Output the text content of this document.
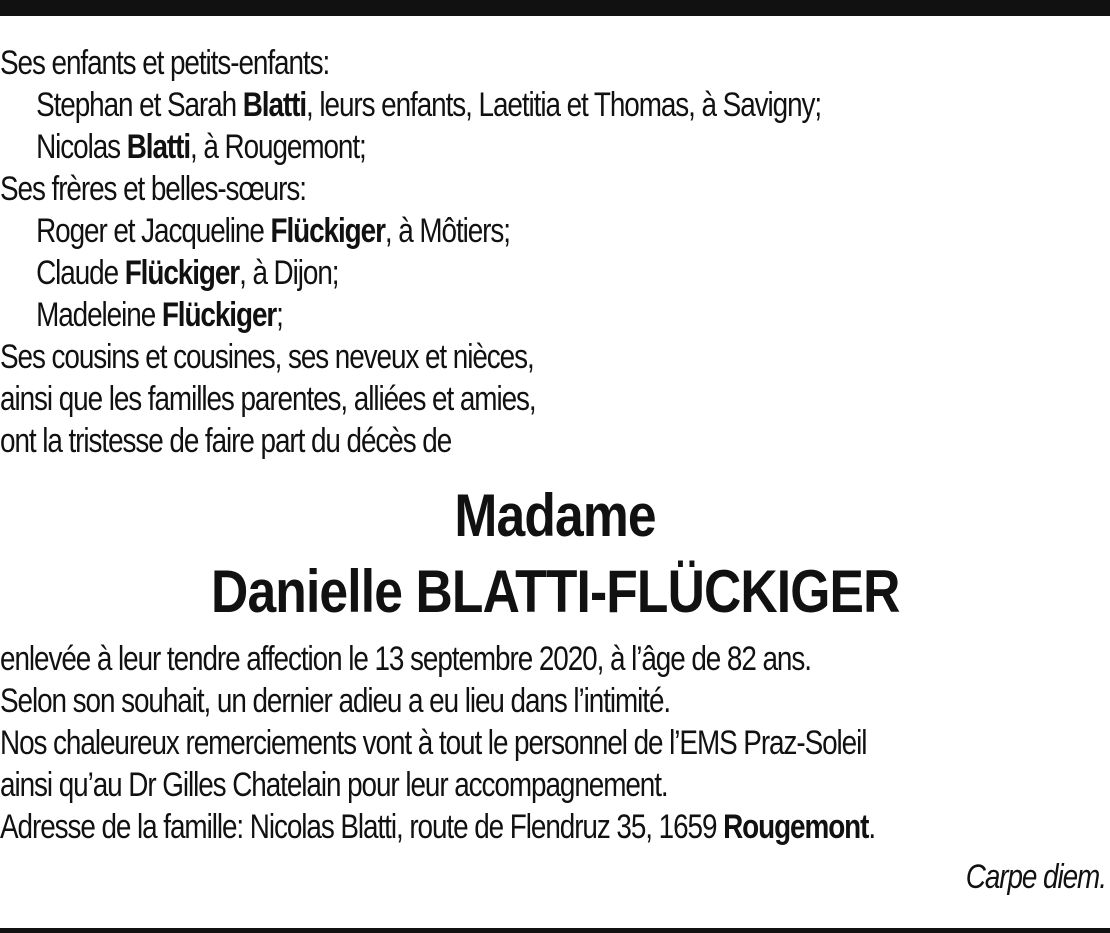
Ses enfants et petits-enfants:
Stephan et Sarah Blatti, leurs enfants, Laetitia et Thomas, à Savigny;
Nicolas Blatti, à Rougemont;
Ses frères et belles-sœurs:
Roger et Jacqueline Flückiger, à Môtiers;
Claude Flückiger, à Dijon;
Madeleine Flückiger;
Ses cousins et cousines, ses neveux et nièces,
ainsi que les familles parentes, alliées et amies,
ont la tristesse de faire part du décès de
Madame
Danielle BLATTI-FLÜCKIGER
enlevée à leur tendre affection le 13 septembre 2020, à l’âge de 82 ans.
Selon son souhait, un dernier adieu a eu lieu dans l’intimité.
Nos chaleureux remerciements vont à tout le personnel de l’EMS Praz-Soleil
ainsi qu’au Dr Gilles Chatelain pour leur accompagnement.
Adresse de la famille: Nicolas Blatti, route de Flendruz 35, 1659 Rougemont.
Carpe diem.
